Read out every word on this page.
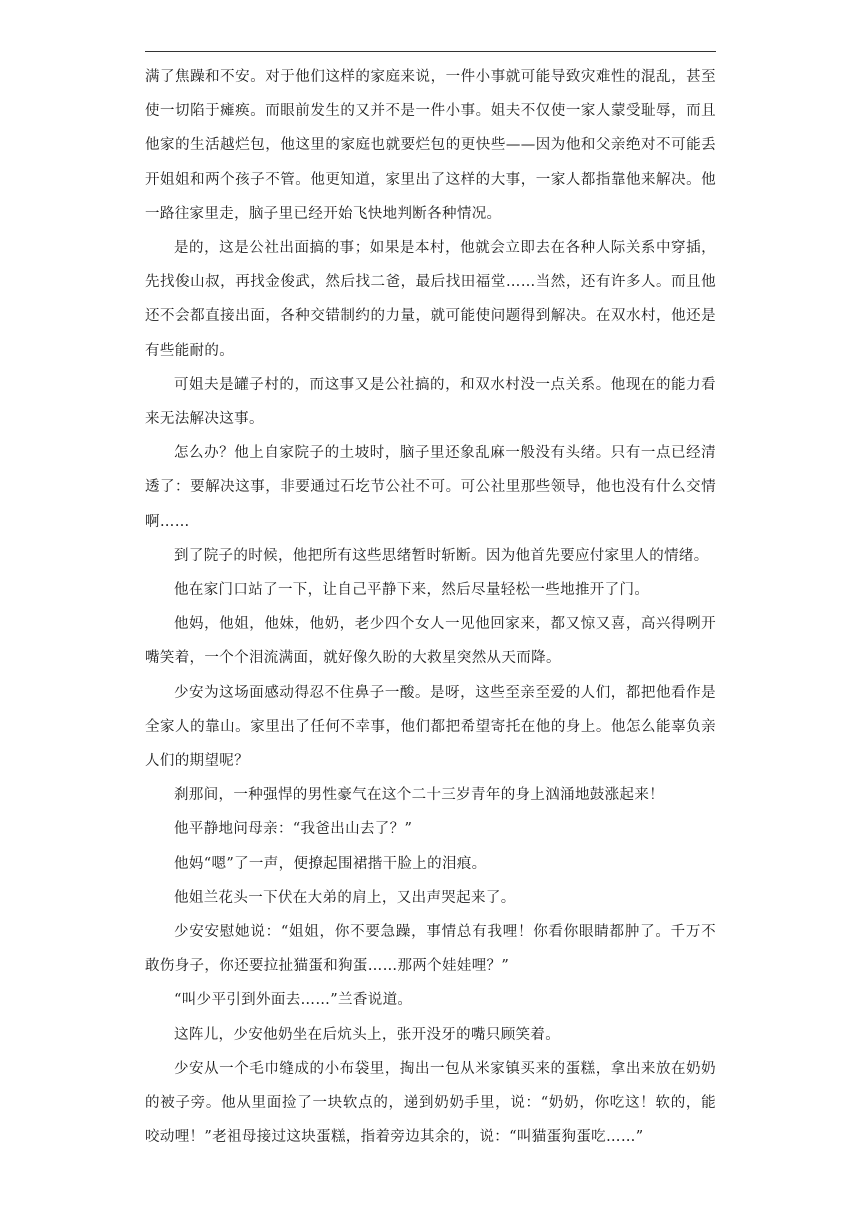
满了焦躁和不安。对于他们这样的家庭来说，一件小事就可能导致灾难性的混乱，甚至使一切陷于瘫痪。而眼前发生的又并不是一件小事。姐夫不仅使一家人蒙受耻辱，而且他家的生活越烂包，他这里的家庭也就要烂包的更快些——因为他和父亲绝对不可能丢开姐姐和两个孩子不管。他更知道，家里出了这样的大事，一家人都指靠他来解决。他一路往家里走，脑子里已经开始飞快地判断各种情况。

是的，这是公社出面搞的事；如果是本村，他就会立即去在各种人际关系中穿插，先找俊山叔，再找金俊武，然后找二爸，最后找田福堂……当然，还有许多人。而且他还不会都直接出面，各种交错制约的力量，就可能使问题得到解决。在双水村，他还是有些能耐的。

可姐夫是罐子村的，而这事又是公社搞的，和双水村没一点关系。他现在的能力看来无法解决这事。

怎么办？他上自家院子的土坡时，脑子里还象乱麻一般没有头绪。只有一点已经清透了：要解决这事，非要通过石圪节公社不可。可公社里那些领导，他也没有什么交情啊……

到了院子的时候，他把所有这些思绪暂时斩断。因为他首先要应付家里人的情绪。

他在家门口站了一下，让自己平静下来，然后尽量轻松一些地推开了门。

他妈，他姐，他妹，他奶，老少四个女人一见他回家来，都又惊又喜，高兴得咧开嘴笑着，一个个泪流满面，就好像久盼的大救星突然从天而降。

少安为这场面感动得忍不住鼻子一酸。是呀，这些至亲至爱的人们，都把他看作是全家人的靠山。家里出了任何不幸事，他们都把希望寄托在他的身上。他怎么能辜负亲人们的期望呢？

刹那间，一种强悍的男性豪气在这个二十三岁青年的身上汹涌地鼓涨起来！

他平静地问母亲：“我爸出山去了？”

他妈“嗯”了一声，便撩起围裙揩干脸上的泪痕。

他姐兰花头一下伏在大弟的肩上，又出声哭起来了。

少安安慰她说：“姐姐，你不要急躁，事情总有我哩！你看你眼睛都肿了。千万不敢伤身子，你还要拉扯猫蛋和狗蛋……那两个娃娃哩？”

“叫少平引到外面去……”兰香说道。

这阵儿，少安他奶坐在后炕头上，张开没牙的嘴只顾笑着。

少安从一个毛巾缝成的小布袋里，掏出一包从米家镇买来的蛋糕，拿出来放在奶奶的被子旁。他从里面捡了一块软点的，递到奶奶手里，说：“奶奶，你吃这！软的，能咬动哩！”老祖母接过这块蛋糕，指着旁边其余的，说：“叫猫蛋狗蛋吃……”
